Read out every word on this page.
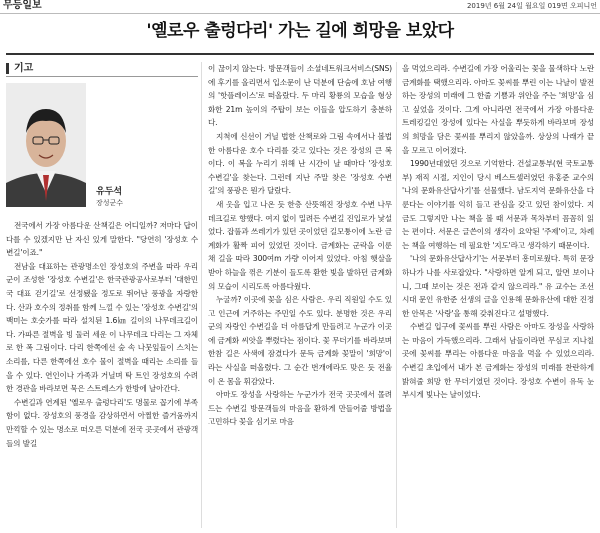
무등일보	2019년 6월 24일 월요일 019면 오피니언
'옐로우 출렁다리' 가는 길에 희망을 보았다
기고
유두석
장성군수

전국에서 가장 아름다운 산책길은 어디일까? 저마다 답이 다를 수 있겠지만 난 자신 있게 말한다. "당연히 '장성호 수변길'이죠."

전남을 대표하는 관광명소인 장성호의 주변을 따라 우리 군이 조성한 '장성호 수변길'은 한국관광공사로부터 '대한민국 대표 걷기길'로 선정됐을 정도로 뛰어난 풍광을 자랑한다. 산과 호수의 정취를 함께 느낄 수 있는 '장성호 수변길'의 백미는 호숫가를 따라 설치된 1.6㎞ 길이의 나무데크길이다. 가파른 절벽을 빙 둘러 세운 이 나무데크 다리는 그 자체로 한 폭 그림이다. 다리 한쪽에선 숲 속 나뭇잎들이 스치는 소리를, 다른 한쪽에선 호수 물이 절벽을 때리는 소리를 들을 수 있다. 연인이나 가족과 거닐며 탁 트인 장성호의 수려한 경관을 바라보면 묵은 스트레스가 한방에 날아간다.

수변길과 연계된 '옐로우 출렁다리'도 명물로 꼽기에 부족함이 없다. 장성호의 풍경을 감상하면서 아찔한 즐거움까지 만끽할 수 있는 명소로 떠오른 덕분에 전국 곳곳에서 관광객들의 발길

이 끊이지 않는다. 방문객들이 소셜네트워크서비스(SNS)에 후기를 올리면서 입소문이 난 덕분에 단숨에 호남 여행의 '핫플레이스'로 떠올랐다. 두 마리 황룡의 모습을 형상화한 21m 높이의 주탑이 보는 이들을 압도하기 충분하다.

지척에 신선이 거닐 법한 산책로와 그림 속에서나 볼법한 아름다운 호수 다리를 갖고 있다는 것은 장성의 큰 복이다. 이 복을 누리기 위해 난 시간이 날 때마다 '장성호 수변길'을 찾는다. 그런데 지난 주말 찾은 '장성호 수변길'의 풍광은 뭔가 달랐다.

새 옷을 입고 나온 듯 한층 산뜻해진 장성호 수변 나무데크길로 향했다. 여지 없이 밀려든 수변길 진입로가 낯설었다. 잡풀과 쓰레기가 있던 곳이었던 길모퉁이에 노란 금계화가 활짝 피어 있었던 것이다. 금계화는 군락을 이룬 채 길을 따라 300여m 가량 이어져 있었다. 아침 햇살을 받아 하늘을 꺾은 기분이 들도록 환한 빛을 발하던 금계화의 모습이 시리도록 아름다웠다.

누굴까? 이곳에 꽃을 심은 사람은. 우리 직원일 수도 있고 인근에 거주하는 주민일 수도 있다. 분명한 것은 우리 군의 자랑인 수변길을 더 아름답게 만들려고 누군가 이곳에 금계화 씨앗을 뿌렸다는 점이다. 꽃 무더기를 바라보며 한참 길은 사색에 잠겼다가 문득 금계화 꽃말이 '희망'이라는 사실을 떠올렸다. 그 순간 번개에라도 맞은 듯 전율이 온 몸을 휘감았다.

아마도 장성을 사랑하는 누군가가 전국 곳곳에서 몰려드는 수변길 방문객들의 마음을 환하게 만들어줄 방법을 고민하다 꽃을 심기로 마음

을 먹었으리라. 수변길에 가장 어울리는 꽃을 물색하다 노란 금계화를 택했으리라. 아마도 꽃씨를 뿌린 이는 나날이 발전하는 장성의 미래에 그 한줄 기쁨과 위안을 주는 '희망'을 심고 싶었을 것이다. 그게 아니라면 전국에서 가장 아름다운 트레킹길인 장성에 있다는 사실을 뿌듯하게 바라보며 장성의 희망을 담은 꽃씨를 뿌리지 않았을까. 상상의 나래가 끝을 모르고 이어졌다.

1990년대였던 것으로 기억한다. 건설교통부(현 국토교통부) 재직 시절, 지인이 당시 베스트셀러였던 유홍준 교수의 '나의 문화유산답사기'를 선물했다. 남도지역 문화유산을 다룬다는 이야기를 익히 들고 관심을 갖고 있던 참이었다. 지금도 그렇지만 나는 책을 볼 때 서문과 목차부터 꼼꼼히 읽는 편이다. 서문은 글쓴이의 생각이 요약된 '주제'이고, 차례는 책을 여행하는 데 필요한 '지도'라고 생각하기 때문이다.

'나의 문화유산답사기'는 서문부터 흥미로웠다. 특히 문장 하나가 나를 사로잡았다. "사랑하면 알게 되고, 알면 보이나니, 그때 보이는 것은 전과 같지 않으리라." 유 교수는 조선시대 문인 유한준 선생의 글을 인용해 문화유산에 대한 진정한 안목은 '사랑'을 통해 갖춰진다고 설명했다.

수변길 입구에 꽃씨를 뿌린 사람은 아마도 장성을 사랑하는 마음이 가득했으리라. 그래서 남들이라면 무심코 지나칠 곳에 꽃씨를 뿌리는 아름다운 마음을 먹을 수 있었으리라. 수변길 초입에서 내가 본 금계화는 장성의 미래를 찬란하게 밝혀줄 희망 한 무더기였던 것이다. 장성호 수변이 유독 눈부시게 빛나는 날이었다.
